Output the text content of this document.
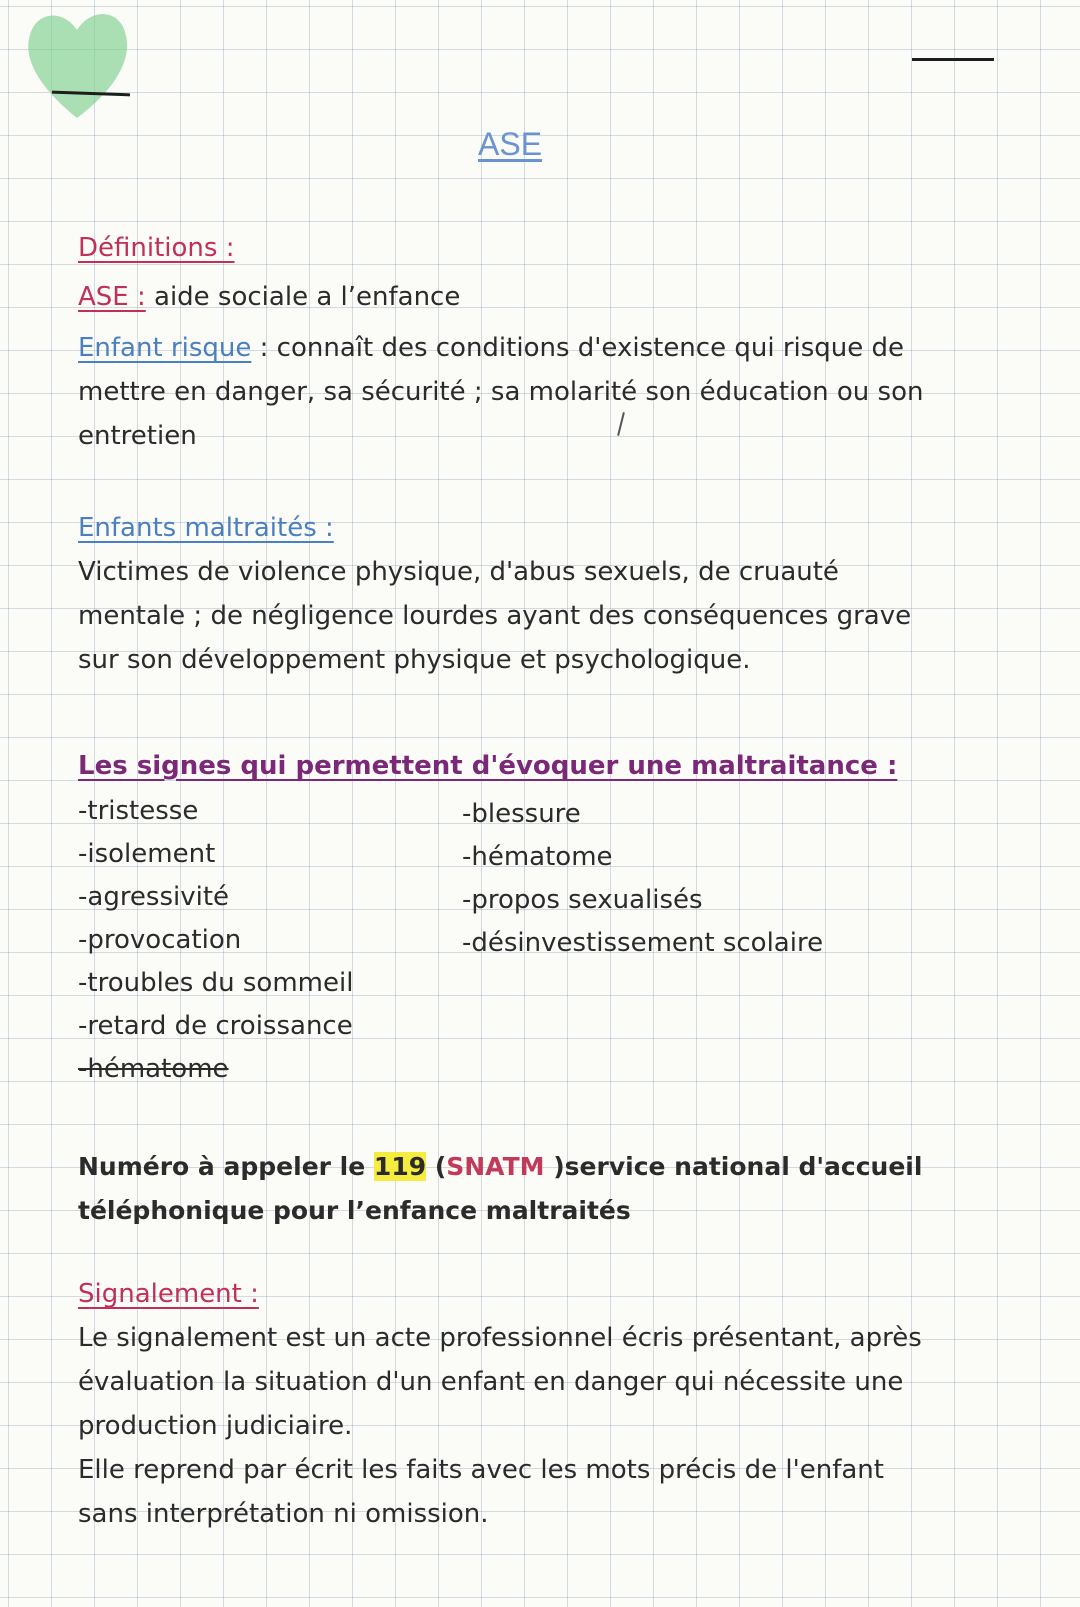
ASE
Définitions :
ASE : aide sociale a l’enfance
Enfant risque : connaît des conditions d'existence qui risque de
mettre en danger, sa sécurité ; sa molarité son éducation ou son
entretien
Enfants maltraités :
Victimes de violence physique, d'abus sexuels, de cruauté
mentale ; de négligence lourdes ayant des conséquences grave
sur son développement physique et psychologique.
Les signes qui permettent d'évoquer une maltraitance :
-tristesse
-isolement
-agressivité
-provocation
-troubles du sommeil
-retard de croissance
-hématome
-blessure
-hématome
-propos sexualisés
-désinvestissement scolaire
Numéro à appeler le 119 (SNATM )service national d'accueil
téléphonique pour l’enfance maltraités
Signalement :
Le signalement est un acte professionnel écris présentant, après
évaluation la situation d'un enfant en danger qui nécessite une
production judiciaire.
Elle reprend par écrit les faits avec les mots précis de l'enfant
sans interprétation ni omission.
